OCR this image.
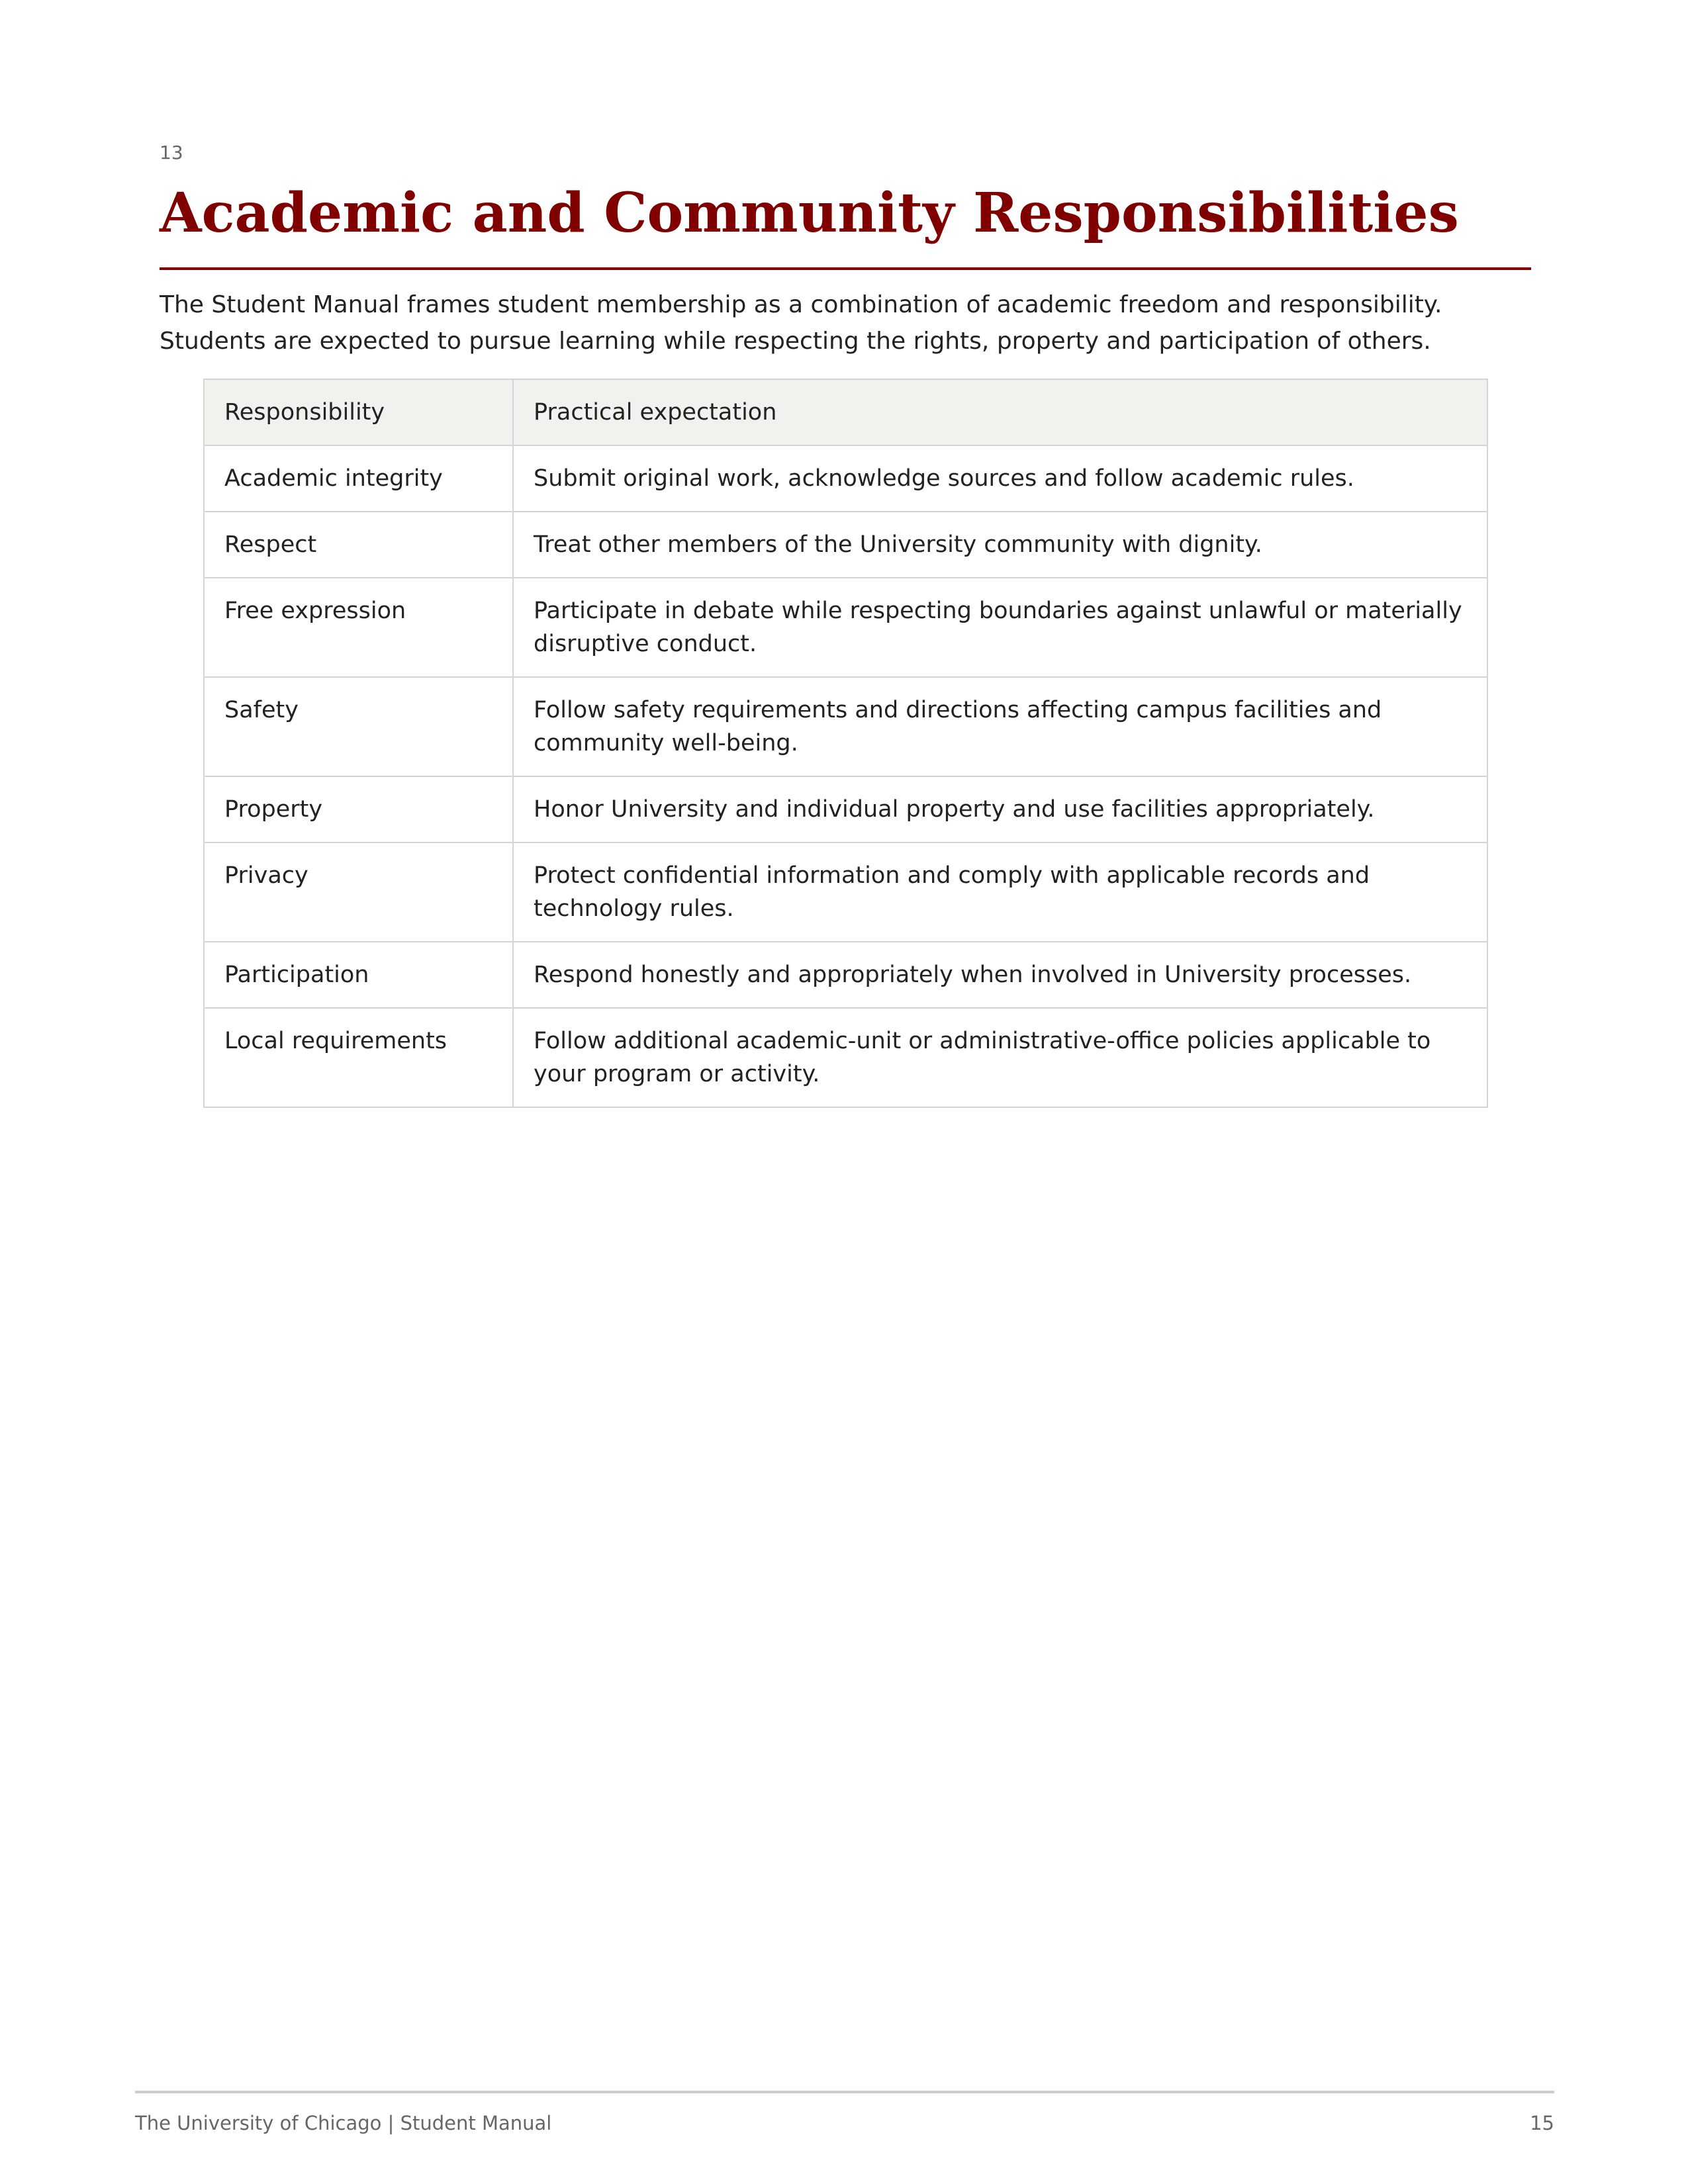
13
Academic and Community Responsibilities

The Student Manual frames student membership as a combination of academic freedom and responsibility. Students are expected to pursue learning while respecting the rights, property and participation of others.

Responsibility	Practical expectation
Academic integrity	Submit original work, acknowledge sources and follow academic rules.
Respect	Treat other members of the University community with dignity.
Free expression	Participate in debate while respecting boundaries against unlawful or materially disruptive conduct.
Safety	Follow safety requirements and directions affecting campus facilities and community well-being.
Property	Honor University and individual property and use facilities appropriately.
Privacy	Protect confidential information and comply with applicable records and technology rules.
Participation	Respond honestly and appropriately when involved in University processes.
Local requirements	Follow additional academic-unit or administrative-office policies applicable to your program or activity.
The University of Chicago | Student Manual	15
